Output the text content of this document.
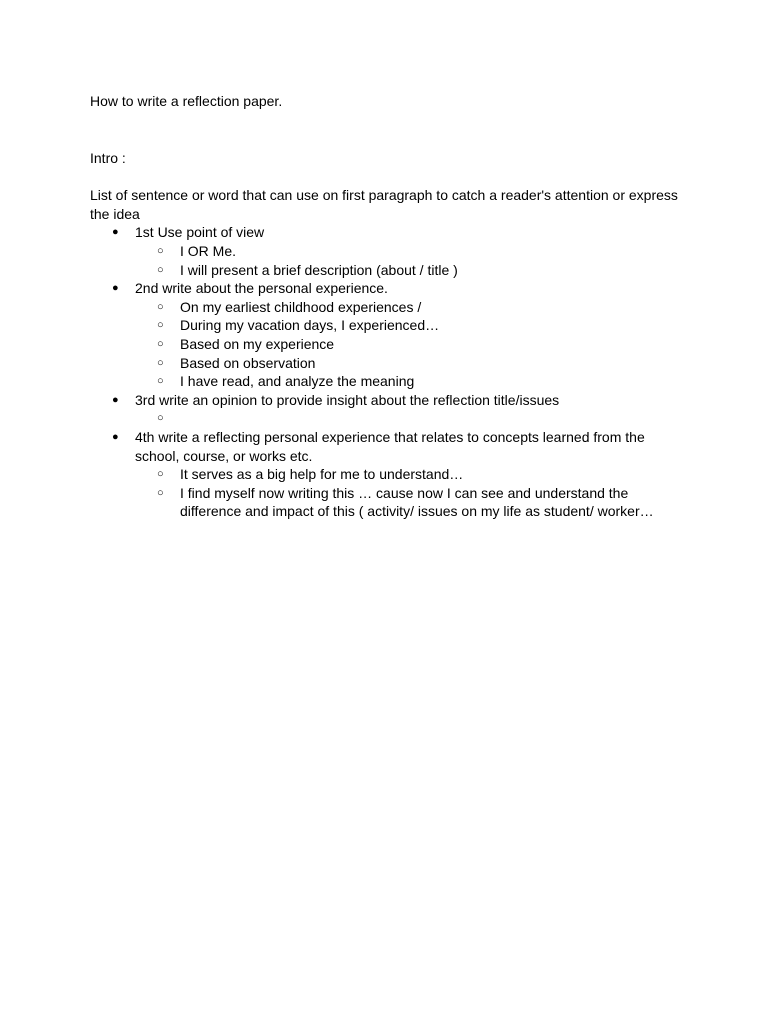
How to write a reflection paper.

Intro :

List of sentence or word that can use on first paragraph to catch a reader's attention or express the idea

● 1st Use point of view
○ I OR Me.
○ I will present a brief description (about / title )
● 2nd write about the personal experience.
○ On my earliest childhood experiences /
○ During my vacation days, I experienced…
○ Based on my experience
○ Based on observation
○ I have read, and analyze the meaning
● 3rd write an opinion to provide insight about the reflection title/issues
○
● 4th write a reflecting personal experience that relates to concepts learned from the school, course, or works etc.
○ It serves as a big help for me to understand…
○ I find myself now writing this … cause now I can see and understand the difference and impact of this ( activity/ issues on my life as student/ worker…
